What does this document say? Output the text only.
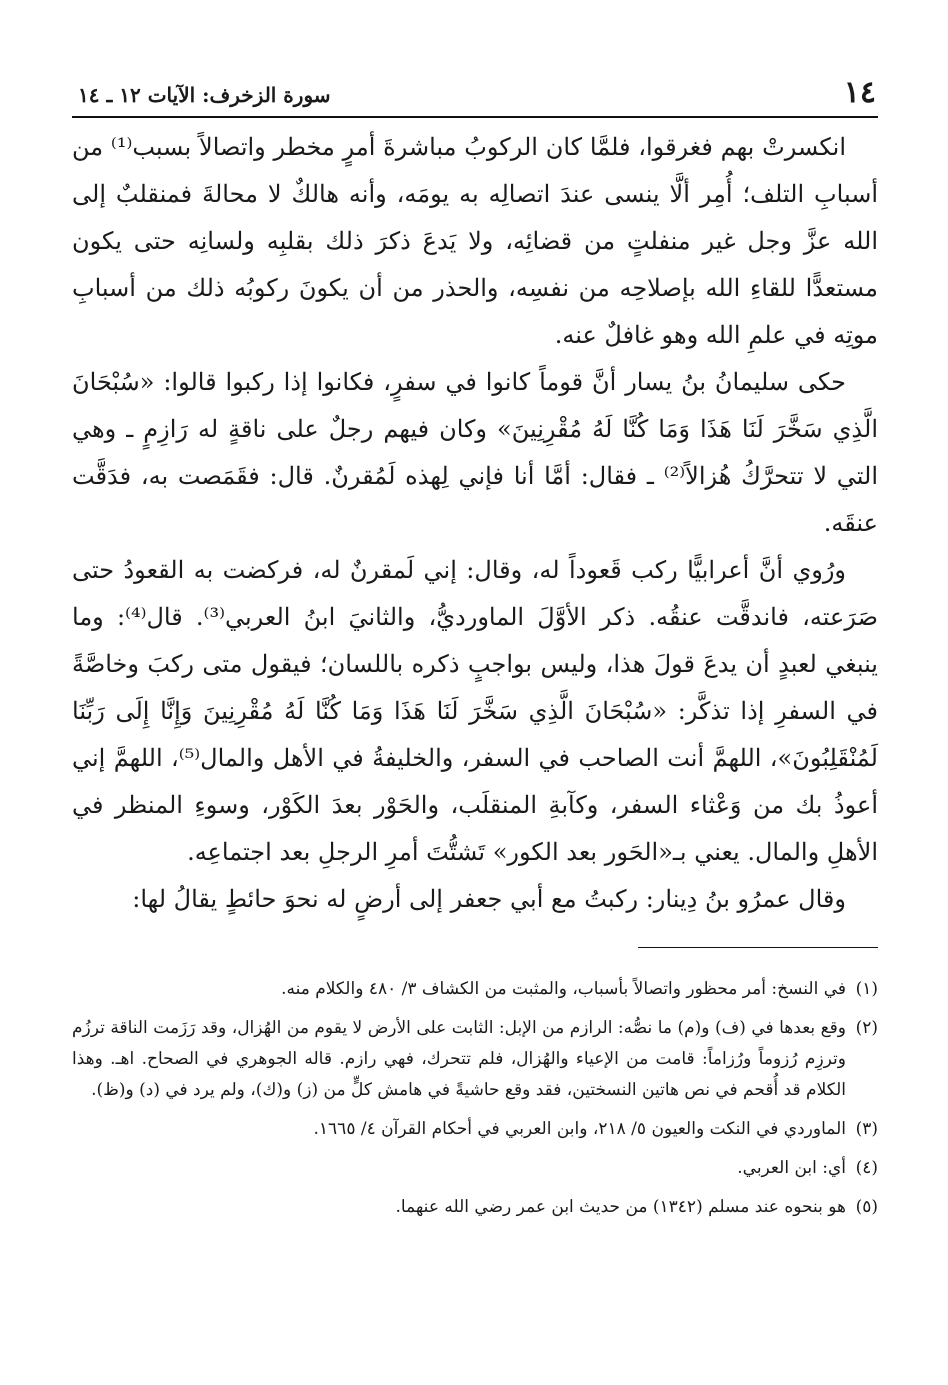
١٤
سورة الزخرف: الآيات ١٢ ـ ١٤

انكسرتْ بهم فغرقوا، فلمَّا كان الركوبُ مباشرةَ أمرٍ مخطر واتصالاً بسبب⁽¹⁾ من أسبابِ التلف؛ أُمِر ألَّا ينسى عندَ اتصالِه به يومَه، وأنه هالكٌ لا محالةَ فمنقلبٌ إلى الله عزَّ وجل غير منفلتٍ من قضائِه، ولا يَدعَ ذكرَ ذلك بقلبِه ولسانِه حتى يكون مستعدًّا للقاءِ الله بإصلاحِه من نفسِه، والحذر من أن يكونَ ركوبُه ذلك من أسبابِ موتِه في علمِ الله وهو غافلٌ عنه.

حكى سليمانُ بنُ يسار أنَّ قوماً كانوا في سفرٍ، فكانوا إذا ركبوا قالوا: «سُبْحَانَ الَّذِي سَخَّرَ لَنَا هَذَا وَمَا كُنَّا لَهُ مُقْرِنِينَ» وكان فيهم رجلٌ على ناقةٍ له رَازِمٍ ـ وهي التي لا تتحرَّكُ هُزالاً⁽²⁾ ـ فقال: أمَّا أنا فإني لِهذه لَمُقرنٌ. قال: فقَمَصت به، فدَقَّت عنقَه.

ورُوي أنَّ أعرابيًّا ركب قَعوداً له، وقال: إني لَمقرنٌ له، فركضت به القعودُ حتى صَرَعته، فاندقَّت عنقُه. ذكر الأوَّلَ الماورديُّ، والثانيَ ابنُ العربي⁽³⁾. قال⁽⁴⁾: وما ينبغي لعبدٍ أن يدعَ قولَ هذا، وليس بواجبٍ ذكره باللسان؛ فيقول متى ركبَ وخاصَّةً في السفرِ إذا تذكَّر: «سُبْحَانَ الَّذِي سَخَّرَ لَنَا هَذَا وَمَا كُنَّا لَهُ مُقْرِنِينَ وَإِنَّا إِلَى رَبِّنَا لَمُنْقَلِبُونَ»، اللهمَّ أنت الصاحب في السفر، والخليفةُ في الأهل والمال⁽⁵⁾، اللهمَّ إني أعوذُ بك من وَعْثاء السفر، وكآبةِ المنقلَب، والحَوْر بعدَ الكَوْر، وسوءِ المنظر في الأهلِ والمال. يعني بـ«الحَور بعد الكور» تَشتُّتَ أمرِ الرجلِ بعد اجتماعِه.

وقال عمرُو بنُ دِينار: ركبتُ مع أبي جعفر إلى أرضٍ له نحوَ حائطٍ يقالُ لها:

(١)
في النسخ: أمر محظور واتصالاً بأسباب، والمثبت من الكشاف ٣/ ٤٨٠ والكلام منه.
(٢)
وقع بعدها في (ف) و(م) ما نصُّه: الرازم من الإبل: الثابت على الأرض لا يقوم من الهُزال، وقد رَزَمت الناقة ترزُم وترزِم رُزوماً ورُزاماً: قامت من الإعياء والهُزال، فلم تتحرك، فهي رازم. قاله الجوهري في الصحاح. اهـ. وهذا الكلام قد أُقحم في نص هاتين النسختين، فقد وقع حاشيةً في هامش كلٍّ من (ز) و(ك)، ولم يرد في (د) و(ظ).
(٣)
الماوردي في النكت والعيون ٥/ ٢١٨، وابن العربي في أحكام القرآن ٤/ ١٦٦٥.
(٤)
أي: ابن العربي.
(٥)
هو بنحوه عند مسلم (١٣٤٢) من حديث ابن عمر رضي الله عنهما.
